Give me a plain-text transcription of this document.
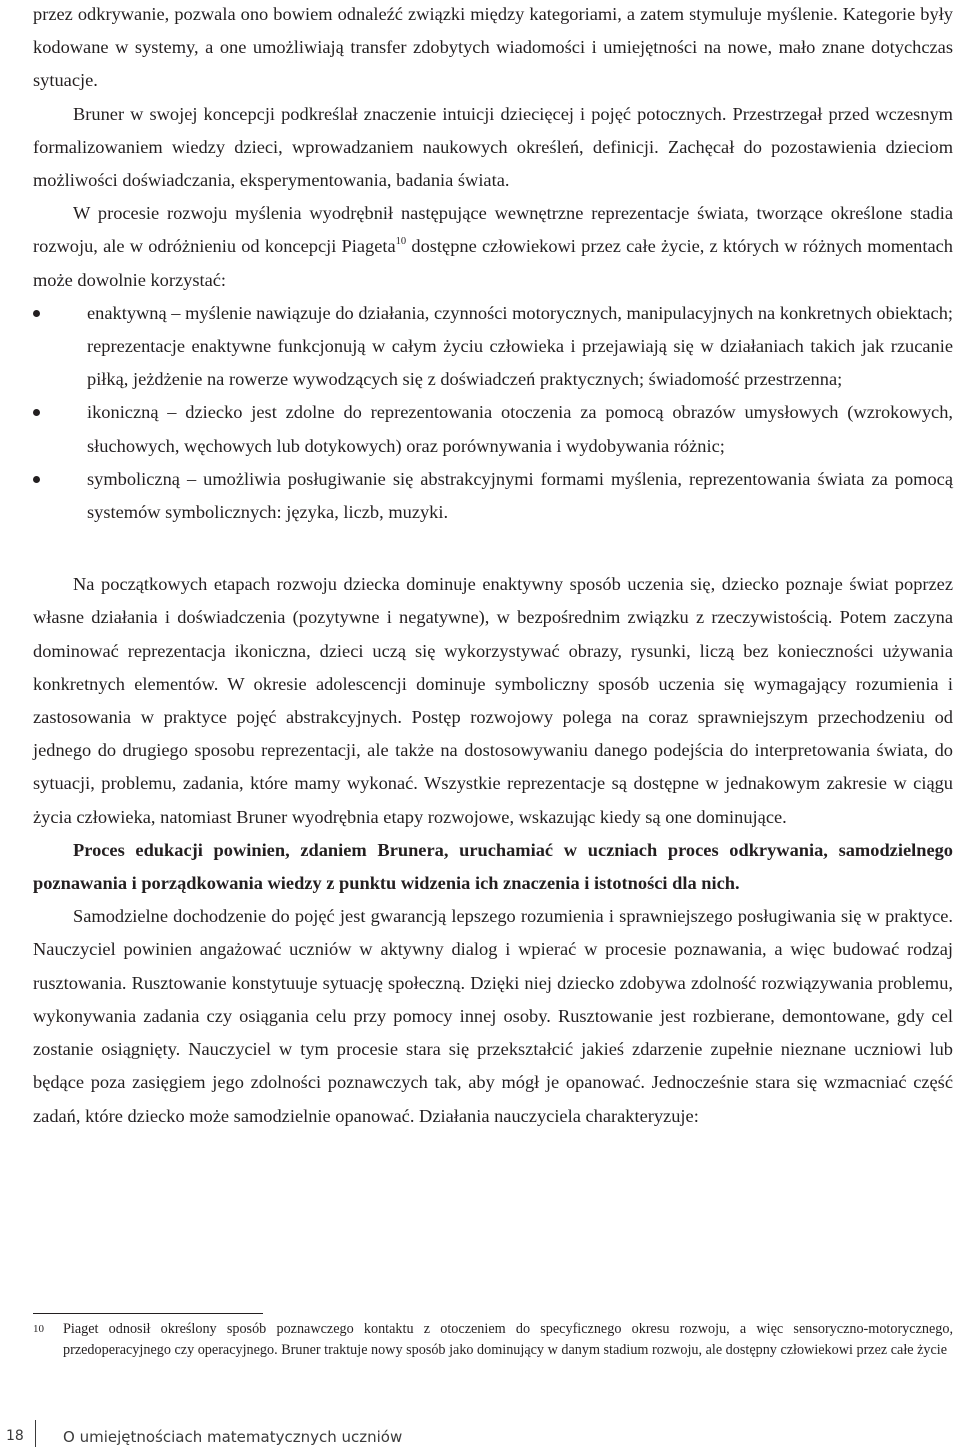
przez odkrywanie, pozwala ono bowiem odnaleźć związki między kategoriami, a zatem stymuluje myślenie. Kategorie były kodowane w systemy, a one umożliwiają transfer zdobytych wiadomości i umiejętności na nowe, mało znane dotychczas sytuacje.

Bruner w swojej koncepcji podkreślał znaczenie intuicji dziecięcej i pojęć potocznych. Przestrzegał przed wczesnym formalizowaniem wiedzy dzieci, wprowadzaniem naukowych określeń, definicji. Zachęcał do pozostawienia dzieciom możliwości doświadczania, eksperymentowania, badania świata.

W procesie rozwoju myślenia wyodrębnił następujące wewnętrzne reprezentacje świata, tworzące określone stadia rozwoju, ale w odróżnieniu od koncepcji Piageta$^{10}$ dostępne człowiekowi przez całe życie, z których w różnych momentach może dowolnie korzystać:

enaktywną – myślenie nawiązuje do działania, czynności motorycznych, manipulacyjnych na konkretnych obiektach; reprezentacje enaktywne funkcjonują w całym życiu człowieka i przejawiają się w działaniach takich jak rzucanie piłką, jeżdżenie na rowerze wywodzących się z doświadczeń praktycznych; świadomość przestrzenna;
ikoniczną – dziecko jest zdolne do reprezentowania otoczenia za pomocą obrazów umysłowych (wzrokowych, słuchowych, węchowych lub dotykowych) oraz porównywania i wydobywania różnic;
symboliczną – umożliwia posługiwanie się abstrakcyjnymi formami myślenia, reprezentowania świata za pomocą systemów symbolicznych: języka, liczb, muzyki.

Na początkowych etapach rozwoju dziecka dominuje enaktywny sposób uczenia się, dziecko poznaje świat poprzez własne działania i doświadczenia (pozytywne i negatywne), w bezpośrednim związku z rzeczywistością. Potem zaczyna dominować reprezentacja ikoniczna, dzieci uczą się wykorzystywać obrazy, rysunki, liczą bez konieczności używania konkretnych elementów. W okresie adolescencji dominuje symboliczny sposób uczenia się wymagający rozumienia i zastosowania w praktyce pojęć abstrakcyjnych. Postęp rozwojowy polega na coraz sprawniejszym przechodzeniu od jednego do drugiego sposobu reprezentacji, ale także na dostosowywaniu danego podejścia do interpretowania świata, do sytuacji, problemu, zadania, które mamy wykonać. Wszystkie reprezentacje są dostępne w jednakowym zakresie w ciągu życia człowieka, natomiast Bruner wyodrębnia etapy rozwojowe, wskazując kiedy są one dominujące.

Proces edukacji powinien, zdaniem Brunera, uruchamiać w uczniach proces odkrywania, samodzielnego poznawania i porządkowania wiedzy z punktu widzenia ich znaczenia i istotności dla nich.

Samodzielne dochodzenie do pojęć jest gwarancją lepszego rozumienia i sprawniejszego posługiwania się w praktyce. Nauczyciel powinien angażować uczniów w aktywny dialog i wpierać w procesie poznawania, a więc budować rodzaj rusztowania. Rusztowanie konstytuuje sytuację społeczną. Dzięki niej dziecko zdobywa zdolność rozwiązywania problemu, wykonywania zadania czy osiągania celu przy pomocy innej osoby. Rusztowanie jest rozbierane, demontowane, gdy cel zostanie osiągnięty. Nauczyciel w tym procesie stara się przekształcić jakieś zdarzenie zupełnie nieznane uczniowi lub będące poza zasięgiem jego zdolności poznawczych tak, aby mógł je opanować. Jednocześnie stara się wzmacniać część zadań, które dziecko może samodzielnie opanować. Działania nauczyciela charakteryzuje:

10 Piaget odnosił określony sposób poznawczego kontaktu z otoczeniem do specyficznego okresu rozwoju, a więc sensoryczno-motorycznego, przedoperacyjnego czy operacyjnego. Bruner traktuje nowy sposób jako dominujący w danym stadium rozwoju, ale dostępny człowiekowi przez całe życie
18	O umiejętnościach matematycznych uczniów
